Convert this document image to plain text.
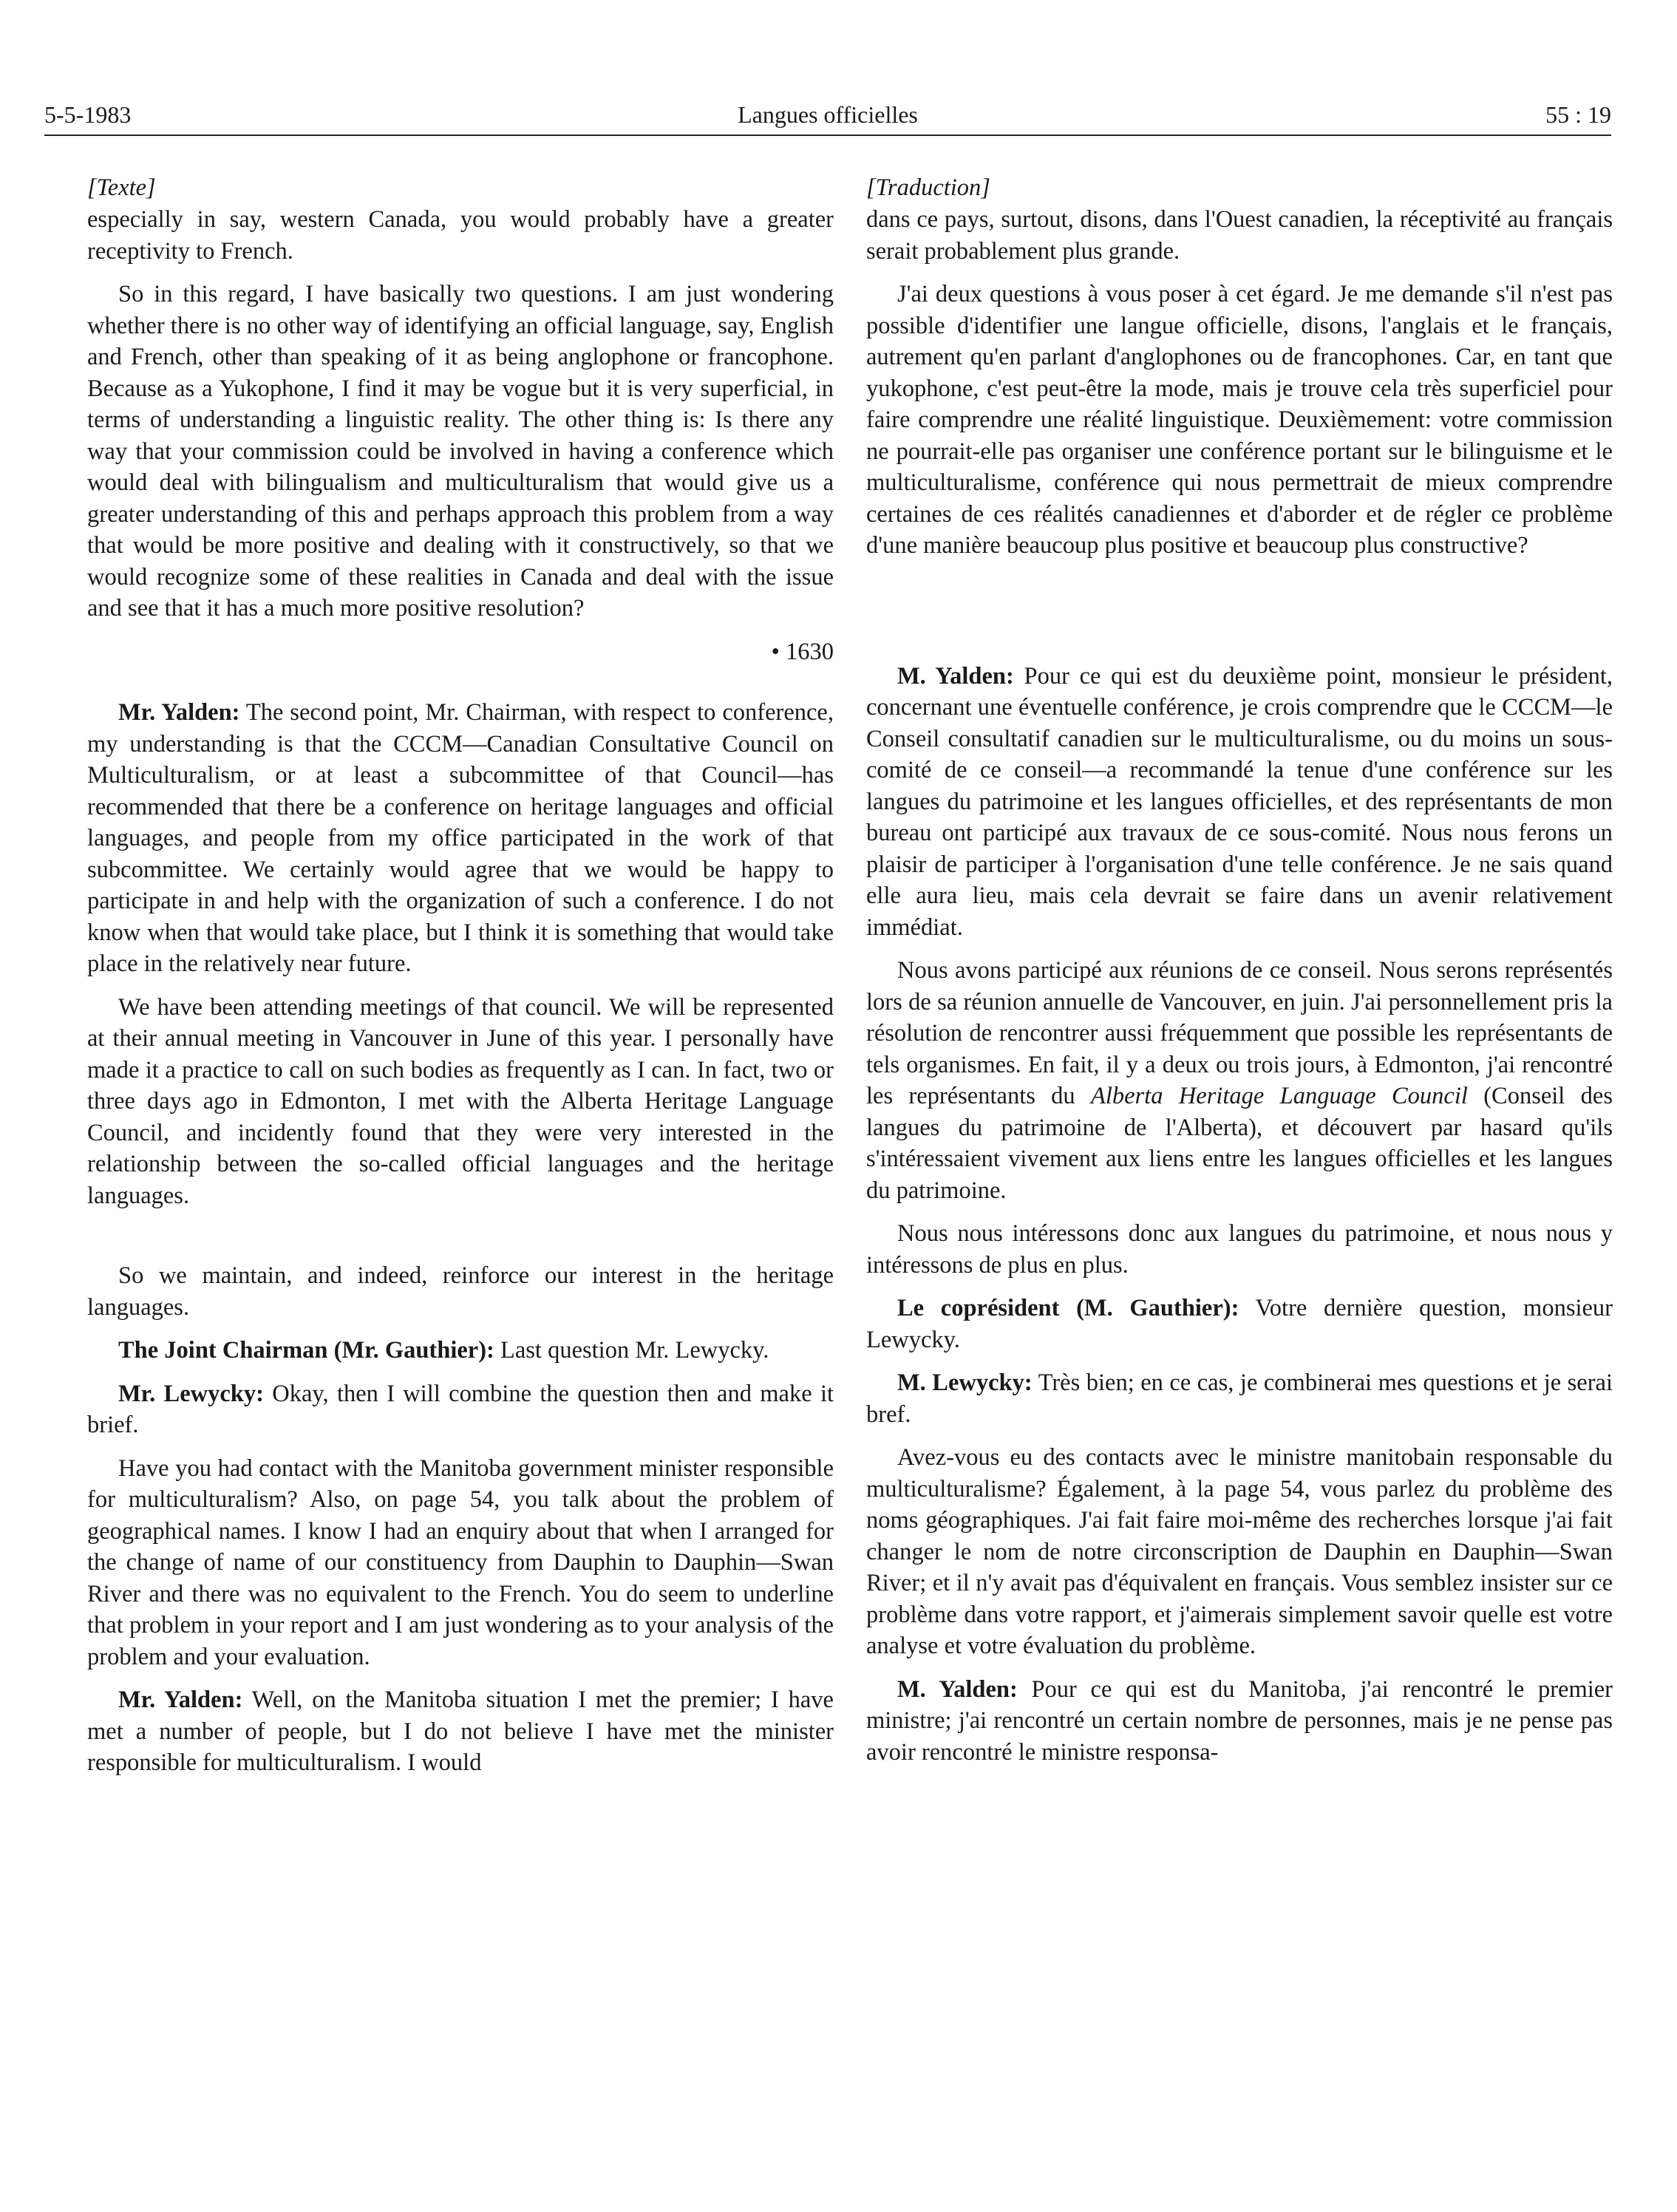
5-5-1983	Langues officielles	55 : 19

[Texte]

especially in say, western Canada, you would probably have a greater receptivity to French.

So in this regard, I have basically two questions. I am just wondering whether there is no other way of identifying an official language, say, English and French, other than speaking of it as being anglophone or francophone. Because as a Yukophone, I find it may be vogue but it is very superficial, in terms of understanding a linguistic reality. The other thing is: Is there any way that your commission could be involved in having a conference which would deal with bilingualism and multiculturalism that would give us a greater understanding of this and perhaps approach this problem from a way that would be more positive and dealing with it constructively, so that we would recognize some of these realities in Canada and deal with the issue and see that it has a much more positive resolution?

• 1630

Mr. Yalden: The second point, Mr. Chairman, with respect to conference, my understanding is that the CCCM—Canadian Consultative Council on Multiculturalism, or at least a subcommittee of that Council—has recommended that there be a conference on heritage languages and official languages, and people from my office participated in the work of that subcommittee. We certainly would agree that we would be happy to participate in and help with the organization of such a conference. I do not know when that would take place, but I think it is something that would take place in the relatively near future.

We have been attending meetings of that council. We will be represented at their annual meeting in Vancouver in June of this year. I personally have made it a practice to call on such bodies as frequently as I can. In fact, two or three days ago in Edmonton, I met with the Alberta Heritage Language Council, and incidently found that they were very interested in the relationship between the so-called official languages and the heritage languages.

So we maintain, and indeed, reinforce our interest in the heritage languages.

The Joint Chairman (Mr. Gauthier): Last question Mr. Lewycky.

Mr. Lewycky: Okay, then I will combine the question then and make it brief.

Have you had contact with the Manitoba government minister responsible for multiculturalism? Also, on page 54, you talk about the problem of geographical names. I know I had an enquiry about that when I arranged for the change of name of our constituency from Dauphin to Dauphin—Swan River and there was no equivalent to the French. You do seem to underline that problem in your report and I am just wondering as to your analysis of the problem and your evaluation.

Mr. Yalden: Well, on the Manitoba situation I met the premier; I have met a number of people, but I do not believe I have met the minister responsible for multiculturalism. I would

[Traduction]

dans ce pays, surtout, disons, dans l'Ouest canadien, la réceptivité au français serait probablement plus grande.

J'ai deux questions à vous poser à cet égard. Je me demande s'il n'est pas possible d'identifier une langue officielle, disons, l'anglais et le français, autrement qu'en parlant d'anglophones ou de francophones. Car, en tant que yukophone, c'est peut-être la mode, mais je trouve cela très superficiel pour faire comprendre une réalité linguistique. Deuxièmement: votre commission ne pourrait-elle pas organiser une conférence portant sur le bilinguisme et le multiculturalisme, conférence qui nous permettrait de mieux comprendre certaines de ces réalités canadiennes et d'aborder et de régler ce problème d'une manière beaucoup plus positive et beaucoup plus constructive?

M. Yalden: Pour ce qui est du deuxième point, monsieur le président, concernant une éventuelle conférence, je crois comprendre que le CCCM—le Conseil consultatif canadien sur le multiculturalisme, ou du moins un sous-comité de ce conseil—a recommandé la tenue d'une conférence sur les langues du patrimoine et les langues officielles, et des représentants de mon bureau ont participé aux travaux de ce sous-comité. Nous nous ferons un plaisir de participer à l'organisation d'une telle conférence. Je ne sais quand elle aura lieu, mais cela devrait se faire dans un avenir relativement immédiat.

Nous avons participé aux réunions de ce conseil. Nous serons représentés lors de sa réunion annuelle de Vancouver, en juin. J'ai personnellement pris la résolution de rencontrer aussi fréquemment que possible les représentants de tels organismes. En fait, il y a deux ou trois jours, à Edmonton, j'ai rencontré les représentants du Alberta Heritage Language Council (Conseil des langues du patrimoine de l'Alberta), et découvert par hasard qu'ils s'intéressaient vivement aux liens entre les langues officielles et les langues du patrimoine.

Nous nous intéressons donc aux langues du patrimoine, et nous nous y intéressons de plus en plus.

Le coprésident (M. Gauthier): Votre dernière question, monsieur Lewycky.

M. Lewycky: Très bien; en ce cas, je combinerai mes questions et je serai bref.

Avez-vous eu des contacts avec le ministre manitobain responsable du multiculturalisme? Également, à la page 54, vous parlez du problème des noms géographiques. J'ai fait faire moi-même des recherches lorsque j'ai fait changer le nom de notre circonscription de Dauphin en Dauphin—Swan River; et il n'y avait pas d'équivalent en français. Vous semblez insister sur ce problème dans votre rapport, et j'aimerais simplement savoir quelle est votre analyse et votre évaluation du problème.

M. Yalden: Pour ce qui est du Manitoba, j'ai rencontré le premier ministre; j'ai rencontré un certain nombre de personnes, mais je ne pense pas avoir rencontré le ministre responsa-
